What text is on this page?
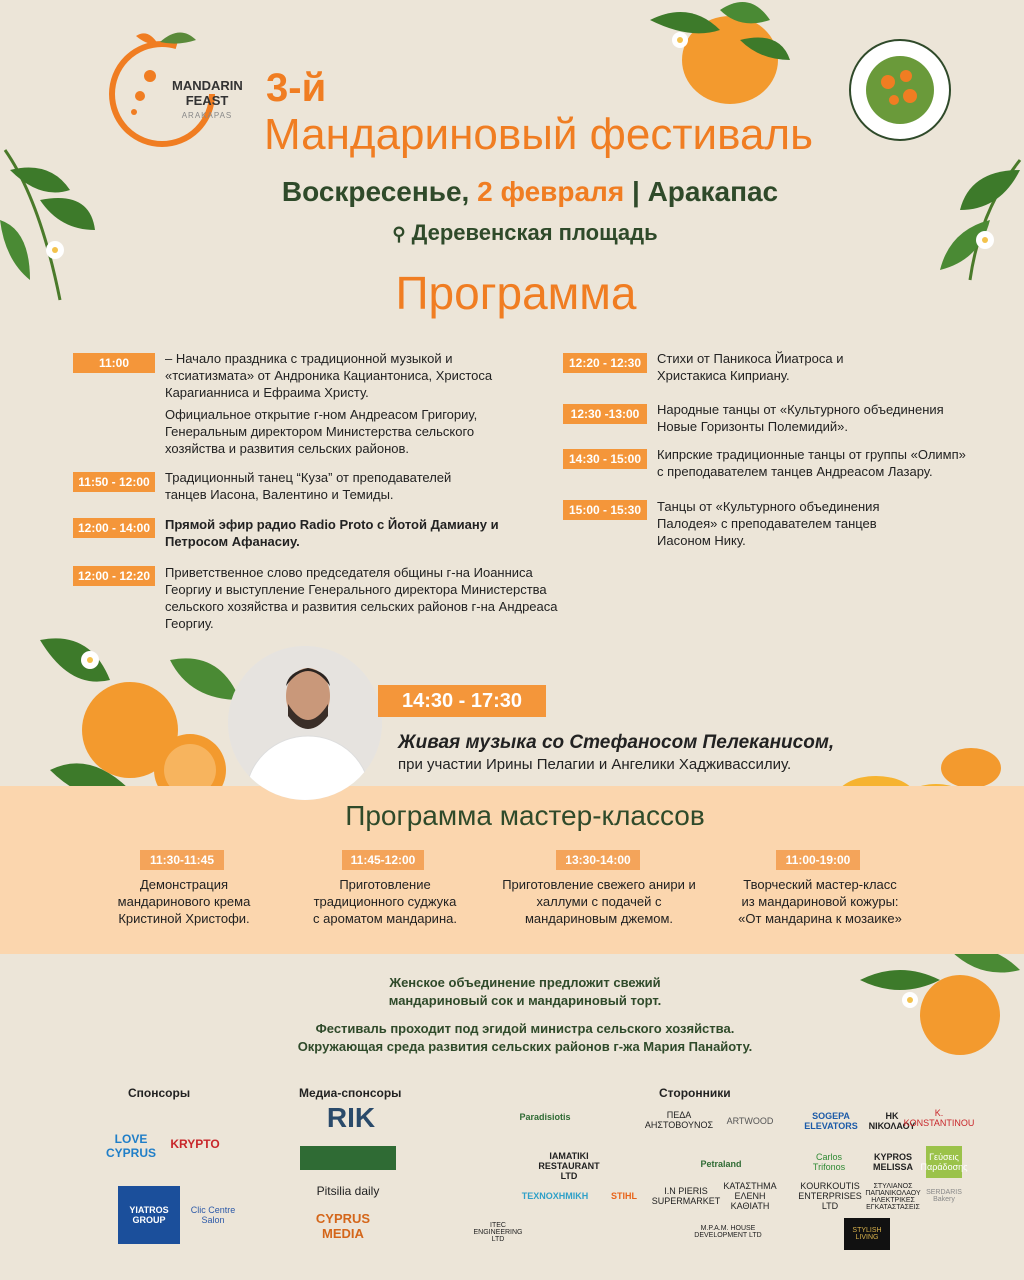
MANDARIN
FEAST
ARAKAPAS
3-й
Мандариновый фестиваль
Воскресенье, 2 февраля | Аракапас
⚲ Деревенская площадь
Программа
11:00	– Начало праздника с традиционной музыкой и «тсиатизмата» от Андроника Кациантониса, Христоса Карагианниса и Ефраима Христу.
Официальное открытие г-ном Андреасом Григориу, Генеральным директором Министерства сельского хозяйства и развития сельских районов.
11:50 - 12:00	Традиционный танец “Куза” от преподавателей танцев Иасона, Валентино и Темиды.
12:00 - 14:00	Прямой эфир радио Radio Proto с Йотой Дамиану и Петросом Афанасиу.
12:00 - 12:20	Приветственное слово председателя общины г-на Иоанниса Георгиу и выступление Генерального директора Министерства сельского хозяйства и развития сельских районов г-на Андреаса Георгиу.
12:20 - 12:30	Стихи от Паникоса Йиатроса и Христакиса Киприану.
12:30 -13:00	Народные танцы от «Культурного объединения Новые Горизонты Полемидий».
14:30 - 15:00	Кипрские традиционные танцы от группы «Олимп» с преподавателем танцев Андреасом Лазару.
15:00 - 15:30	Танцы от «Культурного объединения Палодея» с преподавателем танцев Иасоном Нику.
14:30 - 17:30
Живая музыка со Стефаносом Пелеканисом,
при участии Ирины Пелагии и Ангелики Хадживассилиу.
Программа мастер-классов
11:30-11:45
Демонстрация
мандаринового крема
Кристиной Христофи.
11:45-12:00
Приготовление
традиционного суджука
с ароматом мандарина.
13:30-14:00
Приготовление свежего анири и
халлуми с подачей с
мандариновым джемом.
11:00-19:00
Творческий мастер-класс
из мандариновой кожуры:
«От мандарина к мозаике»
Женское объединение предложит свежий
мандариновый сок и мандариновый торт.
Фестиваль проходит под эгидой министра сельского хозяйства.
Окружающая среда развития сельских районов г-жа Мария Панайоту.
Спонсоры	Медиа-спонсоры	Сторонники
LOVE CYPRUS
KRYPTO
YIATROS GROUP
Clic Centre Salon
RIK
Pitsilia daily
CYPRUS MEDIA
Paradisiotis	ΠΕΔΑ ΑΗΣΤΟΒΟΥΝΟΣ	ARTWOOD	SOGEPA ELEVATORS
HK ΝΙΚΟΛΑΟΥ
K. KONSTANTINOU
IAMATIKI RESTAURANT LTD
Petraland
Carlos Trifonos
KYPROS MELISSA
Γεύσεις Παράδοσης
ΤΕΧΝΟΧΗΜΙΚΗ	STIHL	I.N PIERIS SUPERMARKET
ΚΑΤΑΣΤΗΜΑ ΕΛΕΝΗ ΚΑΘΙΑΤΗ
KOURKOUTIS ENTERPRISES LTD
ΣΤΥΛΙΑΝΟΣ ΠΑΠΑΝΙΚΟΛΑΟΥ ΗΛΕΚΤΡΙΚΕΣ ΕΓΚΑΤΑΣΤΑΣΕΙΣ
SERDARIS Bakery
ITEC ENGINEERING LTD
M.P.A.M. HOUSE DEVELOPMENT LTD
STYLISH LIVING
